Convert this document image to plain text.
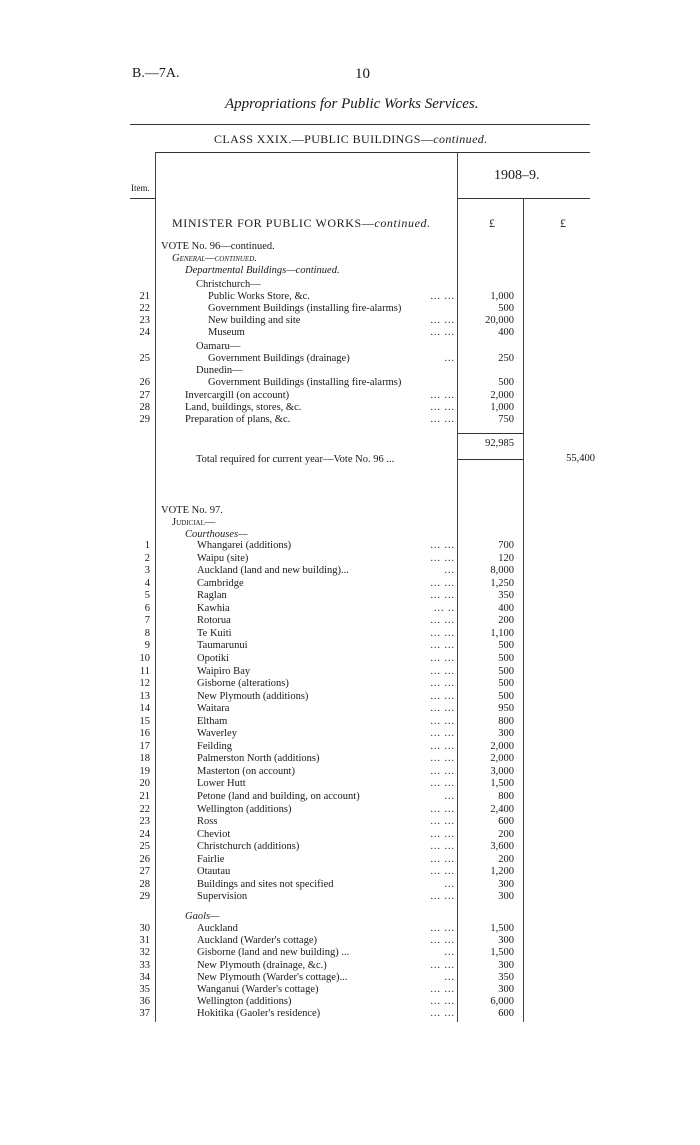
B.—7A.	10
Appropriations for Public Works Services.
CLASS XXIX.—PUBLIC BUILDINGS—continued.
1908–9.
Item.
MINISTER FOR PUBLIC WORKS—continued.	£	£
VOTE No. 96—continued.
General—continued.
Departmental Buildings—continued.
Christchurch—
Oamaru—
Dunedin—
21	Public Works Store, &c.	... ...	1,000
22	Government Buildings (installing fire-alarms)	500
23	New building and site	... ...	20,000
24	Museum	... ...	400
25	Government Buildings (drainage)	...	250
26	Government Buildings (installing fire-alarms)	500
27	Invercargill (on account)	... ...	2,000
28	Land, buildings, stores, &c.	... ...	1,000
29	Preparation of plans, &c.	... ...	750
92,985
Total required for current year—Vote No. 96 ...	55,400
VOTE No. 97.
Judicial—
Courthouses—
Gaols—
1	Whangarei (additions)	... ...	700
2	Waipu (site)	... ...	120
3	Auckland (land and new building)...	...	8,000
4	Cambridge	... ...	1,250
5	Raglan	... ...	350
6	Kawhia	... ..	400
7	Rotorua	... ...	200
8	Te Kuiti	... ...	1,100
9	Taumarunui	... ...	500
10	Opotiki	... ...	500
11	Waipiro Bay	... ...	500
12	Gisborne (alterations)	... ...	500
13	New Plymouth (additions)	... ...	500
14	Waitara	... ...	950
15	Eltham	... ...	800
16	Waverley	... ...	300
17	Feilding	... ...	2,000
18	Palmerston North (additions)	... ...	2,000
19	Masterton (on account)	... ...	3,000
20	Lower Hutt	... ...	1,500
21	Petone (land and building, on account)	...	800
22	Wellington (additions)	... ...	2,400
23	Ross	... ...	600
24	Cheviot	... ...	200
25	Christchurch (additions)	... ...	3,600
26	Fairlie	... ...	200
27	Otautau	... ...	1,200
28	Buildings and sites not specified	...	300
29	Supervision	... ...	300
30	Auckland	... ...	1,500
31	Auckland (Warder's cottage)	... ...	300
32	Gisborne (land and new building) ...	...	1,500
33	New Plymouth (drainage, &c.)	... ...	300
34	New Plymouth (Warder's cottage)...	...	350
35	Wanganui (Warder's cottage)	... ...	300
36	Wellington (additions)	... ...	6,000
37	Hokitika (Gaoler's residence)	... ...	600
